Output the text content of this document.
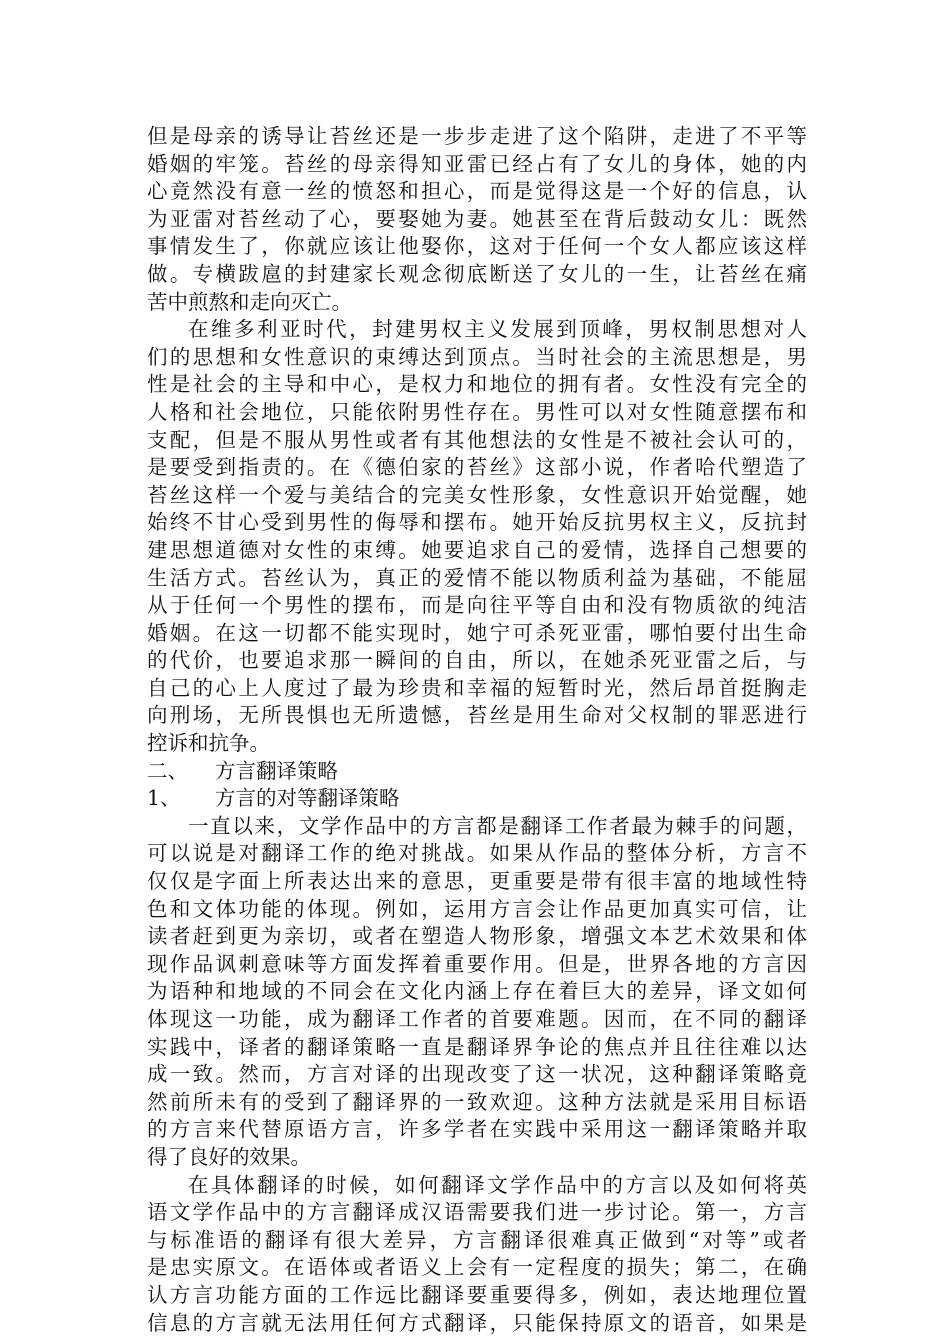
但是母亲的诱导让苔丝还是一步步走进了这个陷阱，走进了不平等
婚姻的牢笼。苔丝的母亲得知亚雷已经占有了女儿的身体，她的内
心竟然没有意一丝的愤怒和担心，而是觉得这是一个好的信息，认
为亚雷对苔丝动了心，要娶她为妻。她甚至在背后鼓动女儿：既然
事情发生了，你就应该让他娶你，这对于任何一个女人都应该这样
做。专横跋扈的封建家长观念彻底断送了女儿的一生，让苔丝在痛
苦中煎熬和走向灭亡。
在维多利亚时代，封建男权主义发展到顶峰，男权制思想对人
们的思想和女性意识的束缚达到顶点。当时社会的主流思想是，男
性是社会的主导和中心，是权力和地位的拥有者。女性没有完全的
人格和社会地位，只能依附男性存在。男性可以对女性随意摆布和
支配，但是不服从男性或者有其他想法的女性是不被社会认可的，
是要受到指责的。在《德伯家的苔丝》这部小说，作者哈代塑造了
苔丝这样一个爱与美结合的完美女性形象，女性意识开始觉醒，她
始终不甘心受到男性的侮辱和摆布。她开始反抗男权主义，反抗封
建思想道德对女性的束缚。她要追求自己的爱情，选择自己想要的
生活方式。苔丝认为，真正的爱情不能以物质利益为基础，不能屈
从于任何一个男性的摆布，而是向往平等自由和没有物质欲的纯洁
婚姻。在这一切都不能实现时，她宁可杀死亚雷，哪怕要付出生命
的代价，也要追求那一瞬间的自由，所以，在她杀死亚雷之后，与
自己的心上人度过了最为珍贵和幸福的短暂时光，然后昂首挺胸走
向刑场，无所畏惧也无所遗憾，苔丝是用生命对父权制的罪恶进行
控诉和抗争。
二、	方言翻译策略
1、	方言的对等翻译策略
一直以来，文学作品中的方言都是翻译工作者最为棘手的问题，
可以说是对翻译工作的绝对挑战。如果从作品的整体分析，方言不
仅仅是字面上所表达出来的意思，更重要是带有很丰富的地域性特
色和文体功能的体现。例如，运用方言会让作品更加真实可信，让
读者赶到更为亲切，或者在塑造人物形象，增强文本艺术效果和体
现作品讽刺意味等方面发挥着重要作用。但是，世界各地的方言因
为语种和地域的不同会在文化内涵上存在着巨大的差异，译文如何
体现这一功能，成为翻译工作者的首要难题。因而，在不同的翻译
实践中，译者的翻译策略一直是翻译界争论的焦点并且往往难以达
成一致。然而，方言对译的出现改变了这一状况，这种翻译策略竟
然前所未有的受到了翻译界的一致欢迎。这种方法就是采用目标语
的方言来代替原语方言，许多学者在实践中采用这一翻译策略并取
得了良好的效果。
在具体翻译的时候，如何翻译文学作品中的方言以及如何将英
语文学作品中的方言翻译成汉语需要我们进一步讨论。第一，方言
与标准语的翻译有很大差异，方言翻译很难真正做到“对等”或者
是忠实原文。在语体或者语义上会有一定程度的损失；第二，在确
认方言功能方面的工作远比翻译要重要得多，例如，表达地理位置
信息的方言就无法用任何方式翻译，只能保持原文的语音，如果是
